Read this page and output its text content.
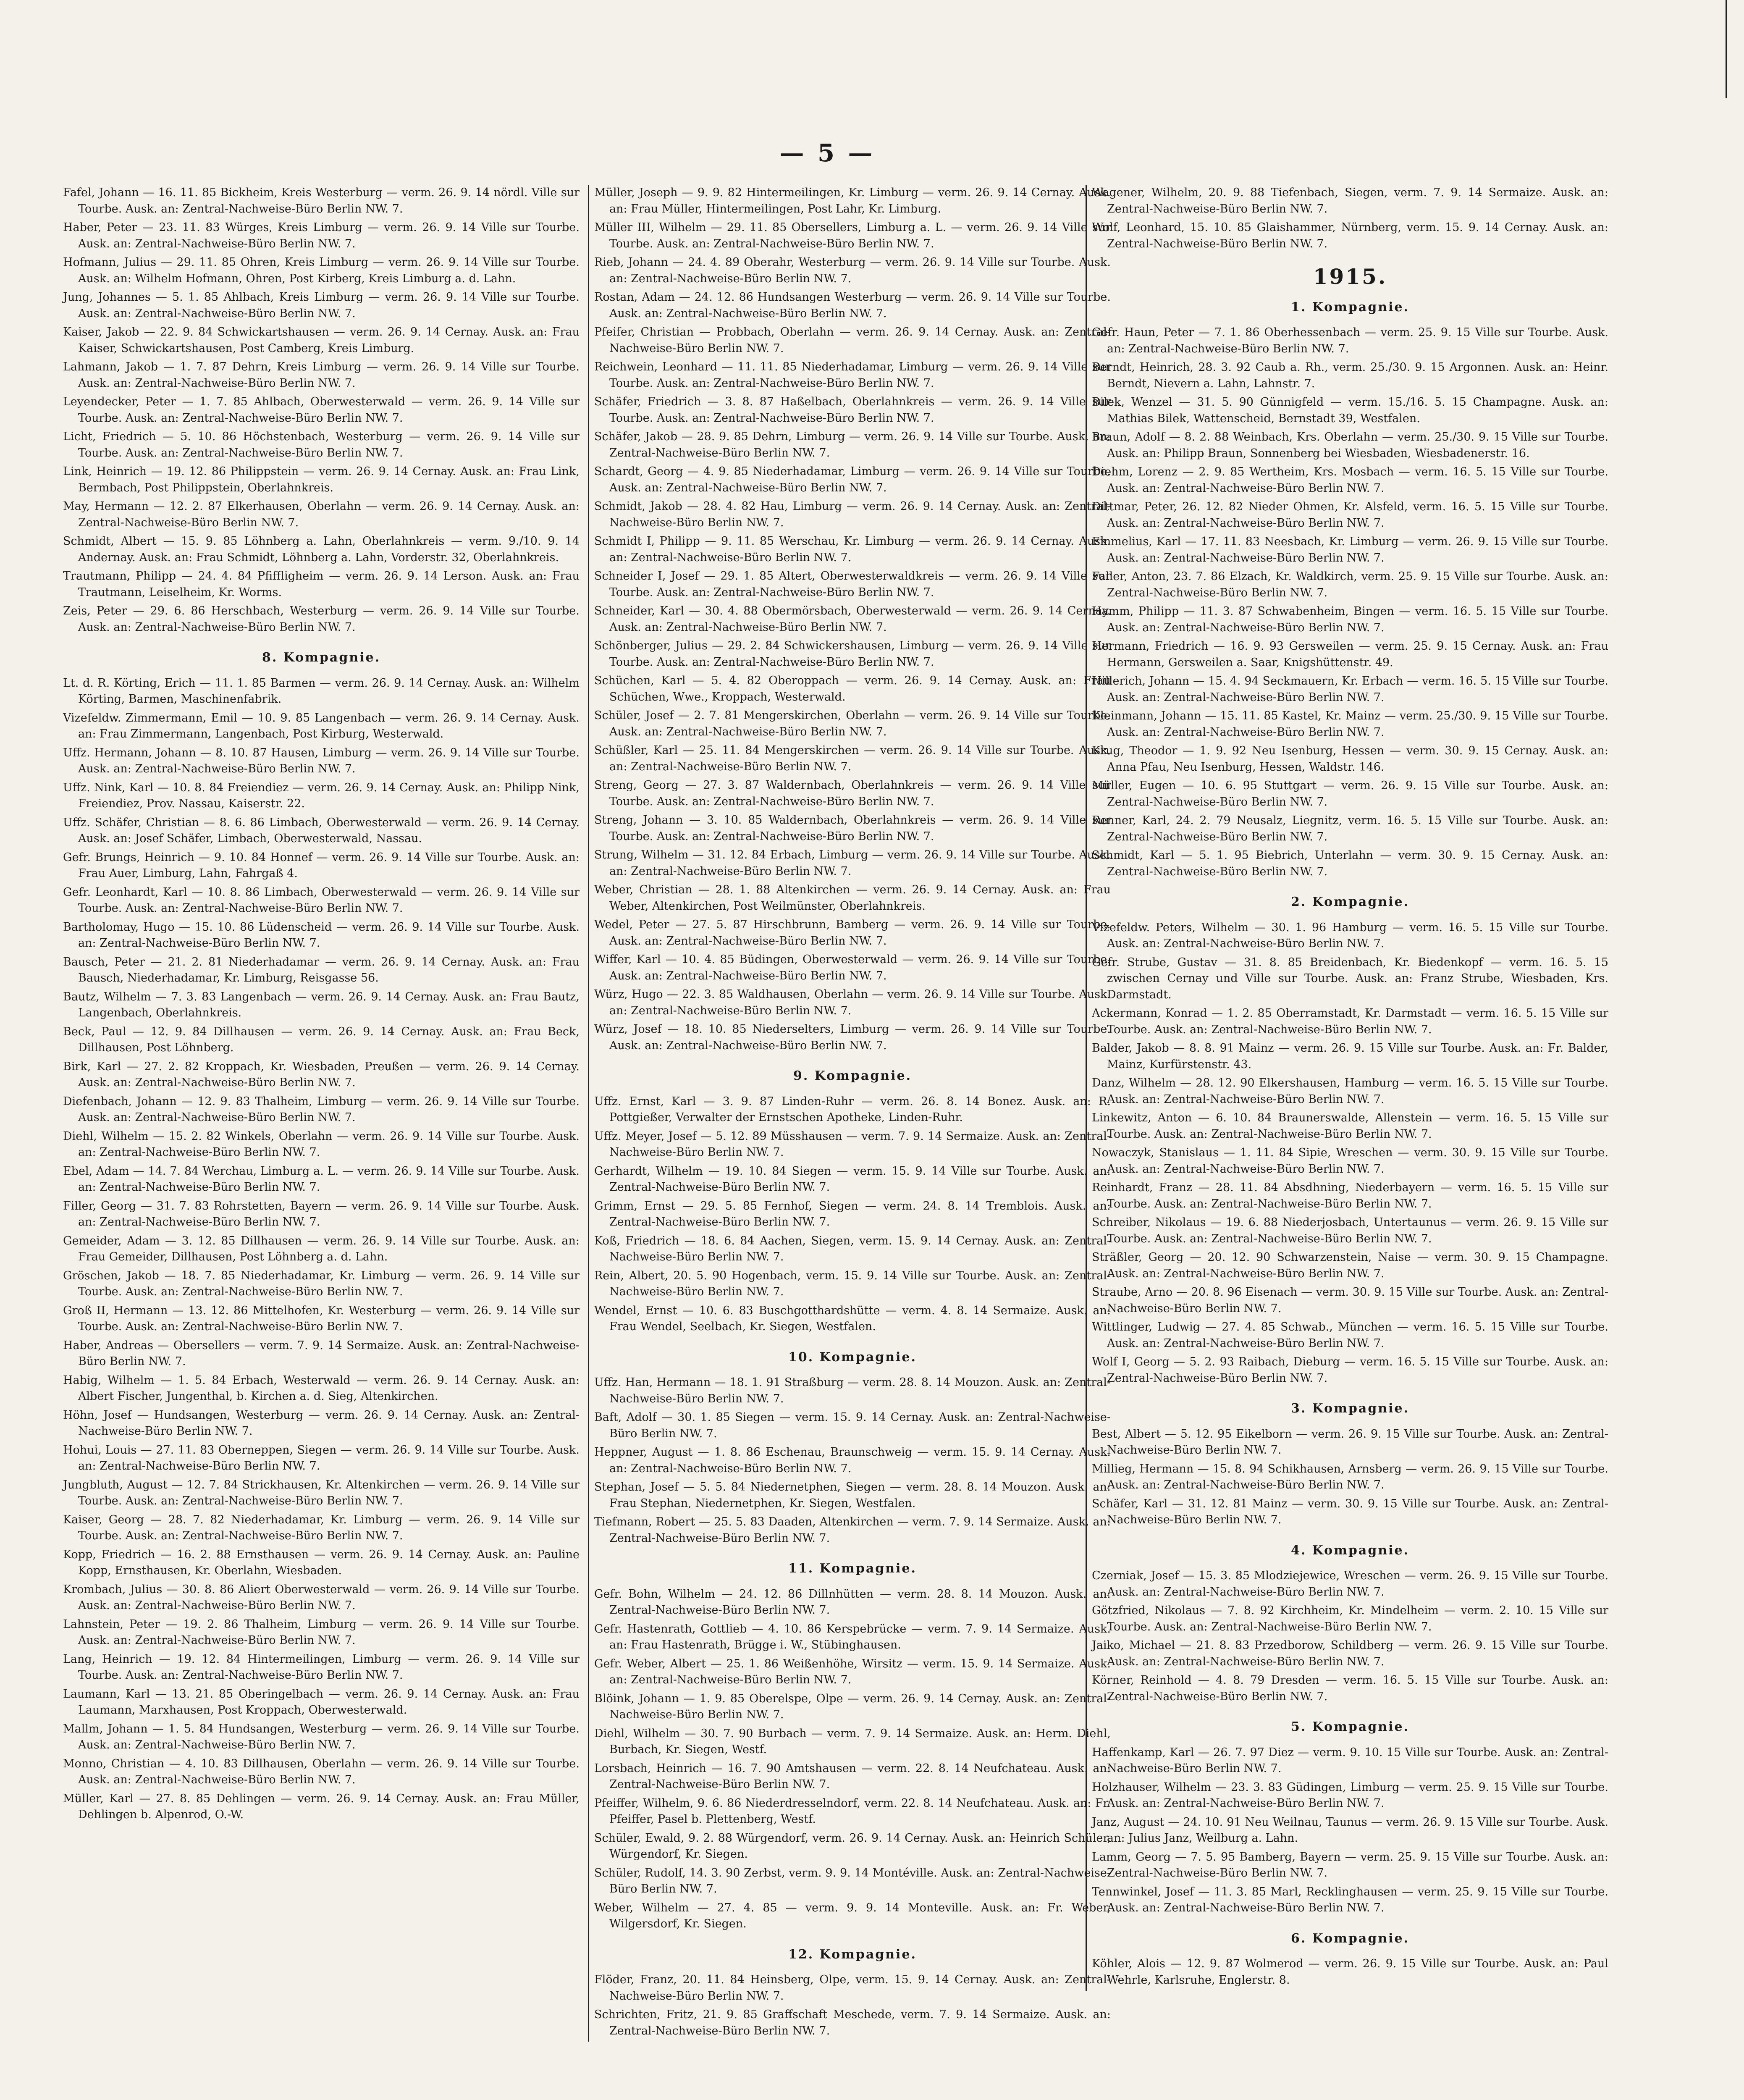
— 5 —
Fafel, Johann — 16. 11. 85 Bickheim, Kreis Westerburg — verm. 26. 9. 14 nördl. Ville sur Tourbe. Ausk. an: Zentral-Nachweise-Büro Berlin NW. 7.
Haber, Peter — 23. 11. 83 Würges, Kreis Limburg — verm. 26. 9. 14 Ville sur Tourbe. Ausk. an: Zentral-Nachweise-Büro Berlin NW. 7.
Hofmann, Julius — 29. 11. 85 Ohren, Kreis Limburg — verm. 26. 9. 14 Ville sur Tourbe. Ausk. an: Wilhelm Hofmann, Ohren, Post Kirberg, Kreis Limburg a. d. Lahn.
Jung, Johannes — 5. 1. 85 Ahlbach, Kreis Limburg — verm. 26. 9. 14 Ville sur Tourbe. Ausk. an: Zentral-Nachweise-Büro Berlin NW. 7.
Kaiser, Jakob — 22. 9. 84 Schwickartshausen — verm. 26. 9. 14 Cernay. Ausk. an: Frau Kaiser, Schwickartshausen, Post Camberg, Kreis Limburg.
Lahmann, Jakob — 1. 7. 87 Dehrn, Kreis Limburg — verm. 26. 9. 14 Ville sur Tourbe. Ausk. an: Zentral-Nachweise-Büro Berlin NW. 7.
Leyendecker, Peter — 1. 7. 85 Ahlbach, Oberwesterwald — verm. 26. 9. 14 Ville sur Tourbe. Ausk. an: Zentral-Nachweise-Büro Berlin NW. 7.
Licht, Friedrich — 5. 10. 86 Höchstenbach, Westerburg — verm. 26. 9. 14 Ville sur Tourbe. Ausk. an: Zentral-Nachweise-Büro Berlin NW. 7.
Link, Heinrich — 19. 12. 86 Philippstein — verm. 26. 9. 14 Cernay. Ausk. an: Frau Link, Bermbach, Post Philippstein, Oberlahnkreis.
May, Hermann — 12. 2. 87 Elkerhausen, Oberlahn — verm. 26. 9. 14 Cernay. Ausk. an: Zentral-Nachweise-Büro Berlin NW. 7.
Schmidt, Albert — 15. 9. 85 Löhnberg a. Lahn, Oberlahnkreis — verm. 9./10. 9. 14 Andernay. Ausk. an: Frau Schmidt, Löhnberg a. Lahn, Vorderstr. 32, Oberlahnkreis.
Trautmann, Philipp — 24. 4. 84 Pfiffligheim — verm. 26. 9. 14 Lerson. Ausk. an: Frau Trautmann, Leiselheim, Kr. Worms.
Zeis, Peter — 29. 6. 86 Herschbach, Westerburg — verm. 26. 9. 14 Ville sur Tourbe. Ausk. an: Zentral-Nachweise-Büro Berlin NW. 7.
8. Kompagnie.
Lt. d. R. Körting, Erich — 11. 1. 85 Barmen — verm. 26. 9. 14 Cernay. Ausk. an: Wilhelm Körting, Barmen, Maschinenfabrik.
Vizefeldw. Zimmermann, Emil — 10. 9. 85 Langenbach — verm. 26. 9. 14 Cernay. Ausk. an: Frau Zimmermann, Langenbach, Post Kirburg, Westerwald.
Uffz. Hermann, Johann — 8. 10. 87 Hausen, Limburg — verm. 26. 9. 14 Ville sur Tourbe. Ausk. an: Zentral-Nachweise-Büro Berlin NW. 7.
Uffz. Nink, Karl — 10. 8. 84 Freiendiez — verm. 26. 9. 14 Cernay. Ausk. an: Philipp Nink, Freiendiez, Prov. Nassau, Kaiserstr. 22.
Uffz. Schäfer, Christian — 8. 6. 86 Limbach, Oberwesterwald — verm. 26. 9. 14 Cernay. Ausk. an: Josef Schäfer, Limbach, Oberwesterwald, Nassau.
Gefr. Brungs, Heinrich — 9. 10. 84 Honnef — verm. 26. 9. 14 Ville sur Tourbe. Ausk. an: Frau Auer, Limburg, Lahn, Fahrgaß 4.
Gefr. Leonhardt, Karl — 10. 8. 86 Limbach, Oberwesterwald — verm. 26. 9. 14 Ville sur Tourbe. Ausk. an: Zentral-Nachweise-Büro Berlin NW. 7.
Bartholomay, Hugo — 15. 10. 86 Lüdenscheid — verm. 26. 9. 14 Ville sur Tourbe. Ausk. an: Zentral-Nachweise-Büro Berlin NW. 7.
Bausch, Peter — 21. 2. 81 Niederhadamar — verm. 26. 9. 14 Cernay. Ausk. an: Frau Bausch, Niederhadamar, Kr. Limburg, Reisgasse 56.
Bautz, Wilhelm — 7. 3. 83 Langenbach — verm. 26. 9. 14 Cernay. Ausk. an: Frau Bautz, Langenbach, Oberlahnkreis.
Beck, Paul — 12. 9. 84 Dillhausen — verm. 26. 9. 14 Cernay. Ausk. an: Frau Beck, Dillhausen, Post Löhnberg.
Birk, Karl — 27. 2. 82 Kroppach, Kr. Wiesbaden, Preußen — verm. 26. 9. 14 Cernay. Ausk. an: Zentral-Nachweise-Büro Berlin NW. 7.
Diefenbach, Johann — 12. 9. 83 Thalheim, Limburg — verm. 26. 9. 14 Ville sur Tourbe. Ausk. an: Zentral-Nachweise-Büro Berlin NW. 7.
Diehl, Wilhelm — 15. 2. 82 Winkels, Oberlahn — verm. 26. 9. 14 Ville sur Tourbe. Ausk. an: Zentral-Nachweise-Büro Berlin NW. 7.
Ebel, Adam — 14. 7. 84 Werchau, Limburg a. L. — verm. 26. 9. 14 Ville sur Tourbe. Ausk. an: Zentral-Nachweise-Büro Berlin NW. 7.
Filler, Georg — 31. 7. 83 Rohrstetten, Bayern — verm. 26. 9. 14 Ville sur Tourbe. Ausk. an: Zentral-Nachweise-Büro Berlin NW. 7.
Gemeider, Adam — 3. 12. 85 Dillhausen — verm. 26. 9. 14 Ville sur Tourbe. Ausk. an: Frau Gemeider, Dillhausen, Post Löhnberg a. d. Lahn.
Gröschen, Jakob — 18. 7. 85 Niederhadamar, Kr. Limburg — verm. 26. 9. 14 Ville sur Tourbe. Ausk. an: Zentral-Nachweise-Büro Berlin NW. 7.
Groß II, Hermann — 13. 12. 86 Mittelhofen, Kr. Westerburg — verm. 26. 9. 14 Ville sur Tourbe. Ausk. an: Zentral-Nachweise-Büro Berlin NW. 7.
Haber, Andreas — Obersellers — verm. 7. 9. 14 Sermaize. Ausk. an: Zentral-Nachweise-Büro Berlin NW. 7.
Habig, Wilhelm — 1. 5. 84 Erbach, Westerwald — verm. 26. 9. 14 Cernay. Ausk. an: Albert Fischer, Jungenthal, b. Kirchen a. d. Sieg, Altenkirchen.
Höhn, Josef — Hundsangen, Westerburg — verm. 26. 9. 14 Cernay. Ausk. an: Zentral-Nachweise-Büro Berlin NW. 7.
Hohui, Louis — 27. 11. 83 Oberneppen, Siegen — verm. 26. 9. 14 Ville sur Tourbe. Ausk. an: Zentral-Nachweise-Büro Berlin NW. 7.
Jungbluth, August — 12. 7. 84 Strickhausen, Kr. Altenkirchen — verm. 26. 9. 14 Ville sur Tourbe. Ausk. an: Zentral-Nachweise-Büro Berlin NW. 7.
Kaiser, Georg — 28. 7. 82 Niederhadamar, Kr. Limburg — verm. 26. 9. 14 Ville sur Tourbe. Ausk. an: Zentral-Nachweise-Büro Berlin NW. 7.
Kopp, Friedrich — 16. 2. 88 Ernsthausen — verm. 26. 9. 14 Cernay. Ausk. an: Pauline Kopp, Ernsthausen, Kr. Oberlahn, Wiesbaden.
Krombach, Julius — 30. 8. 86 Aliert Oberwesterwald — verm. 26. 9. 14 Ville sur Tourbe. Ausk. an: Zentral-Nachweise-Büro Berlin NW. 7.
Lahnstein, Peter — 19. 2. 86 Thalheim, Limburg — verm. 26. 9. 14 Ville sur Tourbe. Ausk. an: Zentral-Nachweise-Büro Berlin NW. 7.
Lang, Heinrich — 19. 12. 84 Hintermeilingen, Limburg — verm. 26. 9. 14 Ville sur Tourbe. Ausk. an: Zentral-Nachweise-Büro Berlin NW. 7.
Laumann, Karl — 13. 21. 85 Oberingelbach — verm. 26. 9. 14 Cernay. Ausk. an: Frau Laumann, Marxhausen, Post Kroppach, Oberwesterwald.
Mallm, Johann — 1. 5. 84 Hundsangen, Westerburg — verm. 26. 9. 14 Ville sur Tourbe. Ausk. an: Zentral-Nachweise-Büro Berlin NW. 7.
Monno, Christian — 4. 10. 83 Dillhausen, Oberlahn — verm. 26. 9. 14 Ville sur Tourbe. Ausk. an: Zentral-Nachweise-Büro Berlin NW. 7.
Müller, Karl — 27. 8. 85 Dehlingen — verm. 26. 9. 14 Cernay. Ausk. an: Frau Müller, Dehlingen b. Alpenrod, O.-W.
Müller, Joseph — 9. 9. 82 Hintermeilingen, Kr. Limburg — verm. 26. 9. 14 Cernay. Ausk. an: Frau Müller, Hintermeilingen, Post Lahr, Kr. Limburg.
Müller III, Wilhelm — 29. 11. 85 Obersellers, Limburg a. L. — verm. 26. 9. 14 Ville sur Tourbe. Ausk. an: Zentral-Nachweise-Büro Berlin NW. 7.
Rieb, Johann — 24. 4. 89 Oberahr, Westerburg — verm. 26. 9. 14 Ville sur Tourbe. Ausk. an: Zentral-Nachweise-Büro Berlin NW. 7.
Rostan, Adam — 24. 12. 86 Hundsangen Westerburg — verm. 26. 9. 14 Ville sur Tourbe. Ausk. an: Zentral-Nachweise-Büro Berlin NW. 7.
Pfeifer, Christian — Probbach, Oberlahn — verm. 26. 9. 14 Cernay. Ausk. an: Zentral-Nachweise-Büro Berlin NW. 7.
Reichwein, Leonhard — 11. 11. 85 Niederhadamar, Limburg — verm. 26. 9. 14 Ville sur Tourbe. Ausk. an: Zentral-Nachweise-Büro Berlin NW. 7.
Schäfer, Friedrich — 3. 8. 87 Haßelbach, Oberlahnkreis — verm. 26. 9. 14 Ville sur Tourbe. Ausk. an: Zentral-Nachweise-Büro Berlin NW. 7.
Schäfer, Jakob — 28. 9. 85 Dehrn, Limburg — verm. 26. 9. 14 Ville sur Tourbe. Ausk. an: Zentral-Nachweise-Büro Berlin NW. 7.
Schardt, Georg — 4. 9. 85 Niederhadamar, Limburg — verm. 26. 9. 14 Ville sur Tourbe. Ausk. an: Zentral-Nachweise-Büro Berlin NW. 7.
Schmidt, Jakob — 28. 4. 82 Hau, Limburg — verm. 26. 9. 14 Cernay. Ausk. an: Zentral-Nachweise-Büro Berlin NW. 7.
Schmidt I, Philipp — 9. 11. 85 Werschau, Kr. Limburg — verm. 26. 9. 14 Cernay. Ausk. an: Zentral-Nachweise-Büro Berlin NW. 7.
Schneider I, Josef — 29. 1. 85 Altert, Oberwesterwaldkreis — verm. 26. 9. 14 Ville sur Tourbe. Ausk. an: Zentral-Nachweise-Büro Berlin NW. 7.
Schneider, Karl — 30. 4. 88 Obermörsbach, Oberwesterwald — verm. 26. 9. 14 Cernay. Ausk. an: Zentral-Nachweise-Büro Berlin NW. 7.
Schönberger, Julius — 29. 2. 84 Schwickershausen, Limburg — verm. 26. 9. 14 Ville sur Tourbe. Ausk. an: Zentral-Nachweise-Büro Berlin NW. 7.
Schüchen, Karl — 5. 4. 82 Oberoppach — verm. 26. 9. 14 Cernay. Ausk. an: Frau Schüchen, Wwe., Kroppach, Westerwald.
Schüler, Josef — 2. 7. 81 Mengerskirchen, Oberlahn — verm. 26. 9. 14 Ville sur Tourbe. Ausk. an: Zentral-Nachweise-Büro Berlin NW. 7.
Schüßler, Karl — 25. 11. 84 Mengerskirchen — verm. 26. 9. 14 Ville sur Tourbe. Ausk. an: Zentral-Nachweise-Büro Berlin NW. 7.
Streng, Georg — 27. 3. 87 Waldernbach, Oberlahnkreis — verm. 26. 9. 14 Ville sur Tourbe. Ausk. an: Zentral-Nachweise-Büro Berlin NW. 7.
Streng, Johann — 3. 10. 85 Waldernbach, Oberlahnkreis — verm. 26. 9. 14 Ville sur Tourbe. Ausk. an: Zentral-Nachweise-Büro Berlin NW. 7.
Strung, Wilhelm — 31. 12. 84 Erbach, Limburg — verm. 26. 9. 14 Ville sur Tourbe. Ausk. an: Zentral-Nachweise-Büro Berlin NW. 7.
Weber, Christian — 28. 1. 88 Altenkirchen — verm. 26. 9. 14 Cernay. Ausk. an: Frau Weber, Altenkirchen, Post Weilmünster, Oberlahnkreis.
Wedel, Peter — 27. 5. 87 Hirschbrunn, Bamberg — verm. 26. 9. 14 Ville sur Tourbe. Ausk. an: Zentral-Nachweise-Büro Berlin NW. 7.
Wiffer, Karl — 10. 4. 85 Büdingen, Oberwesterwald — verm. 26. 9. 14 Ville sur Tourbe. Ausk. an: Zentral-Nachweise-Büro Berlin NW. 7.
Würz, Hugo — 22. 3. 85 Waldhausen, Oberlahn — verm. 26. 9. 14 Ville sur Tourbe. Ausk. an: Zentral-Nachweise-Büro Berlin NW. 7.
Würz, Josef — 18. 10. 85 Niederselters, Limburg — verm. 26. 9. 14 Ville sur Tourbe. Ausk. an: Zentral-Nachweise-Büro Berlin NW. 7.
9. Kompagnie.
Uffz. Ernst, Karl — 3. 9. 87 Linden-Ruhr — verm. 26. 8. 14 Bonez. Ausk. an: R. Pottgießer, Verwalter der Ernstschen Apotheke, Linden-Ruhr.
Uffz. Meyer, Josef — 5. 12. 89 Müsshausen — verm. 7. 9. 14 Sermaize. Ausk. an: Zentral-Nachweise-Büro Berlin NW. 7.
Gerhardt, Wilhelm — 19. 10. 84 Siegen — verm. 15. 9. 14 Ville sur Tourbe. Ausk. an: Zentral-Nachweise-Büro Berlin NW. 7.
Grimm, Ernst — 29. 5. 85 Fernhof, Siegen — verm. 24. 8. 14 Tremblois. Ausk. an: Zentral-Nachweise-Büro Berlin NW. 7.
Koß, Friedrich — 18. 6. 84 Aachen, Siegen, verm. 15. 9. 14 Cernay. Ausk. an: Zentral-Nachweise-Büro Berlin NW. 7.
Rein, Albert, 20. 5. 90 Hogenbach, verm. 15. 9. 14 Ville sur Tourbe. Ausk. an: Zentral-Nachweise-Büro Berlin NW. 7.
Wendel, Ernst — 10. 6. 83 Buschgotthardshütte — verm. 4. 8. 14 Sermaize. Ausk. an: Frau Wendel, Seelbach, Kr. Siegen, Westfalen.
10. Kompagnie.
Uffz. Han, Hermann — 18. 1. 91 Straßburg — verm. 28. 8. 14 Mouzon. Ausk. an: Zentral-Nachweise-Büro Berlin NW. 7.
Baft, Adolf — 30. 1. 85 Siegen — verm. 15. 9. 14 Cernay. Ausk. an: Zentral-Nachweise-Büro Berlin NW. 7.
Heppner, August — 1. 8. 86 Eschenau, Braunschweig — verm. 15. 9. 14 Cernay. Ausk. an: Zentral-Nachweise-Büro Berlin NW. 7.
Stephan, Josef — 5. 5. 84 Niedernetphen, Siegen — verm. 28. 8. 14 Mouzon. Ausk. an: Frau Stephan, Niedernetphen, Kr. Siegen, Westfalen.
Tiefmann, Robert — 25. 5. 83 Daaden, Altenkirchen — verm. 7. 9. 14 Sermaize. Ausk. an: Zentral-Nachweise-Büro Berlin NW. 7.
11. Kompagnie.
Gefr. Bohn, Wilhelm — 24. 12. 86 Dillnhütten — verm. 28. 8. 14 Mouzon. Ausk. an: Zentral-Nachweise-Büro Berlin NW. 7.
Gefr. Hastenrath, Gottlieb — 4. 10. 86 Kerspebrücke — verm. 7. 9. 14 Sermaize. Ausk. an: Frau Hastenrath, Brügge i. W., Stübinghausen.
Gefr. Weber, Albert — 25. 1. 86 Weißenhöhe, Wirsitz — verm. 15. 9. 14 Sermaize. Ausk. an: Zentral-Nachweise-Büro Berlin NW. 7.
Blöink, Johann — 1. 9. 85 Oberelspe, Olpe — verm. 26. 9. 14 Cernay. Ausk. an: Zentral-Nachweise-Büro Berlin NW. 7.
Diehl, Wilhelm — 30. 7. 90 Burbach — verm. 7. 9. 14 Sermaize. Ausk. an: Herm. Diehl, Burbach, Kr. Siegen, Westf.
Lorsbach, Heinrich — 16. 7. 90 Amtshausen — verm. 22. 8. 14 Neufchateau. Ausk. an: Zentral-Nachweise-Büro Berlin NW. 7.
Pfeiffer, Wilhelm, 9. 6. 86 Niederdresselndorf, verm. 22. 8. 14 Neufchateau. Ausk. an: Fr. Pfeiffer, Pasel b. Plettenberg, Westf.
Schüler, Ewald, 9. 2. 88 Würgendorf, verm. 26. 9. 14 Cernay. Ausk. an: Heinrich Schüler, Würgendorf, Kr. Siegen.
Schüler, Rudolf, 14. 3. 90 Zerbst, verm. 9. 9. 14 Montéville. Ausk. an: Zentral-Nachweise-Büro Berlin NW. 7.
Weber, Wilhelm — 27. 4. 85 — verm. 9. 9. 14 Monteville. Ausk. an: Fr. Weber, Wilgersdorf, Kr. Siegen.
12. Kompagnie.
Flöder, Franz, 20. 11. 84 Heinsberg, Olpe, verm. 15. 9. 14 Cernay. Ausk. an: Zentral-Nachweise-Büro Berlin NW. 7.
Schrichten, Fritz, 21. 9. 85 Graffschaft Meschede, verm. 7. 9. 14 Sermaize. Ausk. an: Zentral-Nachweise-Büro Berlin NW. 7.
Wagener, Wilhelm, 20. 9. 88 Tiefenbach, Siegen, verm. 7. 9. 14 Sermaize. Ausk. an: Zentral-Nachweise-Büro Berlin NW. 7.
Wolf, Leonhard, 15. 10. 85 Glaishammer, Nürnberg, verm. 15. 9. 14 Cernay. Ausk. an: Zentral-Nachweise-Büro Berlin NW. 7.
1915.
1. Kompagnie.
Gefr. Haun, Peter — 7. 1. 86 Oberhessenbach — verm. 25. 9. 15 Ville sur Tourbe. Ausk. an: Zentral-Nachweise-Büro Berlin NW. 7.
Berndt, Heinrich, 28. 3. 92 Caub a. Rh., verm. 25./30. 9. 15 Argonnen. Ausk. an: Heinr. Berndt, Nievern a. Lahn, Lahnstr. 7.
Bilek, Wenzel — 31. 5. 90 Günnigfeld — verm. 15./16. 5. 15 Champagne. Ausk. an: Mathias Bilek, Wattenscheid, Bernstadt 39, Westfalen.
Braun, Adolf — 8. 2. 88 Weinbach, Krs. Oberlahn — verm. 25./30. 9. 15 Ville sur Tourbe. Ausk. an: Philipp Braun, Sonnenberg bei Wiesbaden, Wiesbadenerstr. 16.
Diehm, Lorenz — 2. 9. 85 Wertheim, Krs. Mosbach — verm. 16. 5. 15 Ville sur Tourbe. Ausk. an: Zentral-Nachweise-Büro Berlin NW. 7.
Dittmar, Peter, 26. 12. 82 Nieder Ohmen, Kr. Alsfeld, verm. 16. 5. 15 Ville sur Tourbe. Ausk. an: Zentral-Nachweise-Büro Berlin NW. 7.
Emmelius, Karl — 17. 11. 83 Neesbach, Kr. Limburg — verm. 26. 9. 15 Ville sur Tourbe. Ausk. an: Zentral-Nachweise-Büro Berlin NW. 7.
Faller, Anton, 23. 7. 86 Elzach, Kr. Waldkirch, verm. 25. 9. 15 Ville sur Tourbe. Ausk. an: Zentral-Nachweise-Büro Berlin NW. 7.
Hamm, Philipp — 11. 3. 87 Schwabenheim, Bingen — verm. 16. 5. 15 Ville sur Tourbe. Ausk. an: Zentral-Nachweise-Büro Berlin NW. 7.
Hermann, Friedrich — 16. 9. 93 Gersweilen — verm. 25. 9. 15 Cernay. Ausk. an: Frau Hermann, Gersweilen a. Saar, Knigshüttenstr. 49.
Hillerich, Johann — 15. 4. 94 Seckmauern, Kr. Erbach — verm. 16. 5. 15 Ville sur Tourbe. Ausk. an: Zentral-Nachweise-Büro Berlin NW. 7.
Kleinmann, Johann — 15. 11. 85 Kastel, Kr. Mainz — verm. 25./30. 9. 15 Ville sur Tourbe. Ausk. an: Zentral-Nachweise-Büro Berlin NW. 7.
Krug, Theodor — 1. 9. 92 Neu Isenburg, Hessen — verm. 30. 9. 15 Cernay. Ausk. an: Anna Pfau, Neu Isenburg, Hessen, Waldstr. 146.
Müller, Eugen — 10. 6. 95 Stuttgart — verm. 26. 9. 15 Ville sur Tourbe. Ausk. an: Zentral-Nachweise-Büro Berlin NW. 7.
Renner, Karl, 24. 2. 79 Neusalz, Liegnitz, verm. 16. 5. 15 Ville sur Tourbe. Ausk. an: Zentral-Nachweise-Büro Berlin NW. 7.
Schmidt, Karl — 5. 1. 95 Biebrich, Unterlahn — verm. 30. 9. 15 Cernay. Ausk. an: Zentral-Nachweise-Büro Berlin NW. 7.
2. Kompagnie.
Vizefeldw. Peters, Wilhelm — 30. 1. 96 Hamburg — verm. 16. 5. 15 Ville sur Tourbe. Ausk. an: Zentral-Nachweise-Büro Berlin NW. 7.
Gefr. Strube, Gustav — 31. 8. 85 Breidenbach, Kr. Biedenkopf — verm. 16. 5. 15 zwischen Cernay und Ville sur Tourbe. Ausk. an: Franz Strube, Wiesbaden, Krs. Darmstadt.
Ackermann, Konrad — 1. 2. 85 Oberramstadt, Kr. Darmstadt — verm. 16. 5. 15 Ville sur Tourbe. Ausk. an: Zentral-Nachweise-Büro Berlin NW. 7.
Balder, Jakob — 8. 8. 91 Mainz — verm. 26. 9. 15 Ville sur Tourbe. Ausk. an: Fr. Balder, Mainz, Kurfürstenstr. 43.
Danz, Wilhelm — 28. 12. 90 Elkershausen, Hamburg — verm. 16. 5. 15 Ville sur Tourbe. Ausk. an: Zentral-Nachweise-Büro Berlin NW. 7.
Linkewitz, Anton — 6. 10. 84 Braunerswalde, Allenstein — verm. 16. 5. 15 Ville sur Tourbe. Ausk. an: Zentral-Nachweise-Büro Berlin NW. 7.
Nowaczyk, Stanislaus — 1. 11. 84 Sipie, Wreschen — verm. 30. 9. 15 Ville sur Tourbe. Ausk. an: Zentral-Nachweise-Büro Berlin NW. 7.
Reinhardt, Franz — 28. 11. 84 Absdhning, Niederbayern — verm. 16. 5. 15 Ville sur Tourbe. Ausk. an: Zentral-Nachweise-Büro Berlin NW. 7.
Schreiber, Nikolaus — 19. 6. 88 Niederjosbach, Untertaunus — verm. 26. 9. 15 Ville sur Tourbe. Ausk. an: Zentral-Nachweise-Büro Berlin NW. 7.
Sträßler, Georg — 20. 12. 90 Schwarzenstein, Naise — verm. 30. 9. 15 Champagne. Ausk. an: Zentral-Nachweise-Büro Berlin NW. 7.
Straube, Arno — 20. 8. 96 Eisenach — verm. 30. 9. 15 Ville sur Tourbe. Ausk. an: Zentral-Nachweise-Büro Berlin NW. 7.
Wittlinger, Ludwig — 27. 4. 85 Schwab., München — verm. 16. 5. 15 Ville sur Tourbe. Ausk. an: Zentral-Nachweise-Büro Berlin NW. 7.
Wolf I, Georg — 5. 2. 93 Raibach, Dieburg — verm. 16. 5. 15 Ville sur Tourbe. Ausk. an: Zentral-Nachweise-Büro Berlin NW. 7.
3. Kompagnie.
Best, Albert — 5. 12. 95 Eikelborn — verm. 26. 9. 15 Ville sur Tourbe. Ausk. an: Zentral-Nachweise-Büro Berlin NW. 7.
Millieg, Hermann — 15. 8. 94 Schikhausen, Arnsberg — verm. 26. 9. 15 Ville sur Tourbe. Ausk. an: Zentral-Nachweise-Büro Berlin NW. 7.
Schäfer, Karl — 31. 12. 81 Mainz — verm. 30. 9. 15 Ville sur Tourbe. Ausk. an: Zentral-Nachweise-Büro Berlin NW. 7.
4. Kompagnie.
Czerniak, Josef — 15. 3. 85 Mlodziejewice, Wreschen — verm. 26. 9. 15 Ville sur Tourbe. Ausk. an: Zentral-Nachweise-Büro Berlin NW. 7.
Götzfried, Nikolaus — 7. 8. 92 Kirchheim, Kr. Mindelheim — verm. 2. 10. 15 Ville sur Tourbe. Ausk. an: Zentral-Nachweise-Büro Berlin NW. 7.
Jaiko, Michael — 21. 8. 83 Przedborow, Schildberg — verm. 26. 9. 15 Ville sur Tourbe. Ausk. an: Zentral-Nachweise-Büro Berlin NW. 7.
Körner, Reinhold — 4. 8. 79 Dresden — verm. 16. 5. 15 Ville sur Tourbe. Ausk. an: Zentral-Nachweise-Büro Berlin NW. 7.
5. Kompagnie.
Haffenkamp, Karl — 26. 7. 97 Diez — verm. 9. 10. 15 Ville sur Tourbe. Ausk. an: Zentral-Nachweise-Büro Berlin NW. 7.
Holzhauser, Wilhelm — 23. 3. 83 Güdingen, Limburg — verm. 25. 9. 15 Ville sur Tourbe. Ausk. an: Zentral-Nachweise-Büro Berlin NW. 7.
Janz, August — 24. 10. 91 Neu Weilnau, Taunus — verm. 26. 9. 15 Ville sur Tourbe. Ausk. an: Julius Janz, Weilburg a. Lahn.
Lamm, Georg — 7. 5. 95 Bamberg, Bayern — verm. 25. 9. 15 Ville sur Tourbe. Ausk. an: Zentral-Nachweise-Büro Berlin NW. 7.
Tennwinkel, Josef — 11. 3. 85 Marl, Recklinghausen — verm. 25. 9. 15 Ville sur Tourbe. Ausk. an: Zentral-Nachweise-Büro Berlin NW. 7.
6. Kompagnie.
Köhler, Alois — 12. 9. 87 Wolmerod — verm. 26. 9. 15 Ville sur Tourbe. Ausk. an: Paul Wehrle, Karlsruhe, Englerstr. 8.
